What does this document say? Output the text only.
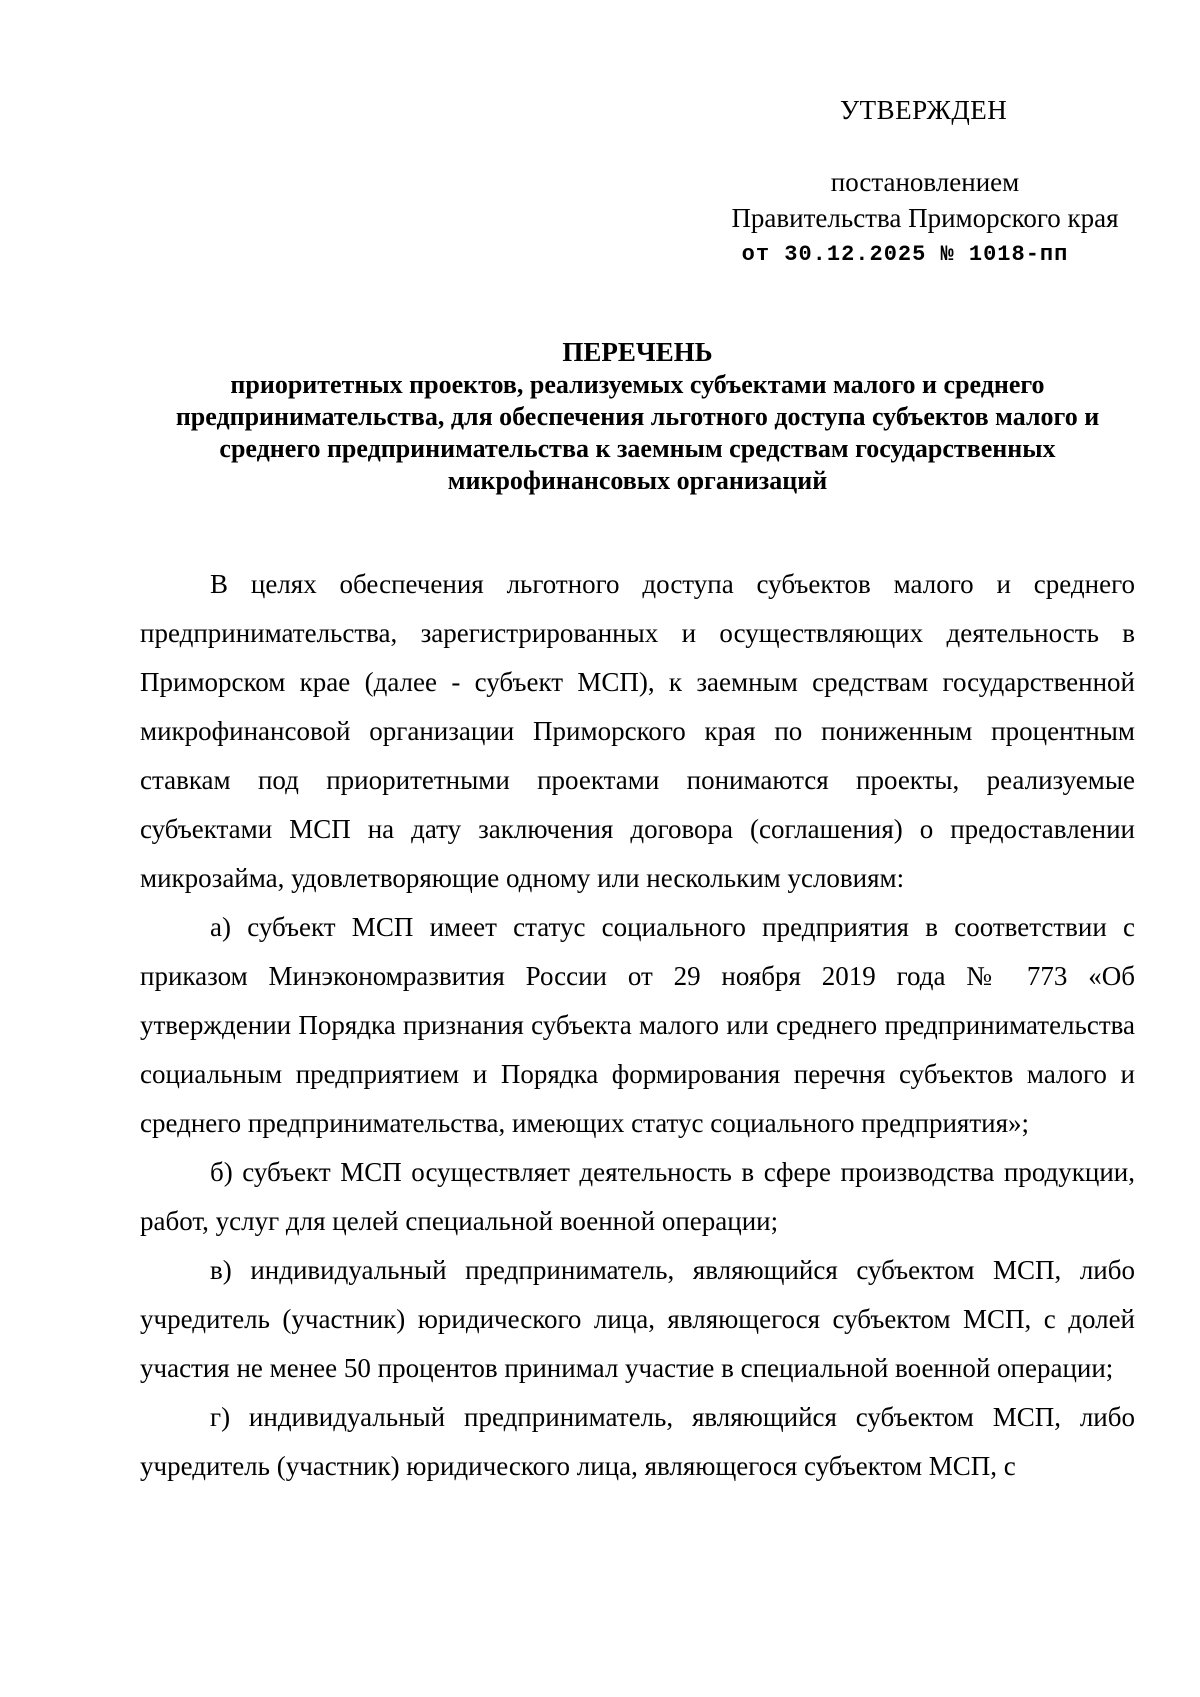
УТВЕРЖДЕН
постановлением
Правительства Приморского края
от 30.12.2025 № 1018-пп
ПЕРЕЧЕНЬ
приоритетных проектов, реализуемых субъектами малого и среднего предпринимательства, для обеспечения льготного доступа субъектов малого и среднего предпринимательства к заемным средствам государственных микрофинансовых организаций

В целях обеспечения льготного доступа субъектов малого и среднего предпринимательства, зарегистрированных и осуществляющих деятельность в Приморском крае (далее - субъект МСП), к заемным средствам государственной микрофинансовой организации Приморского края по пониженным процентным ставкам под приоритетными проектами понимаются проекты, реализуемые субъектами МСП на дату заключения договора (соглашения) о предоставлении микрозайма, удовлетворяющие одному или нескольким условиям:

а) субъект МСП имеет статус социального предприятия в соответствии с приказом Минэкономразвития России от 29 ноября 2019 года № 773 «Об утверждении Порядка признания субъекта малого или среднего предпринимательства социальным предприятием и Порядка формирования перечня субъектов малого и среднего предпринимательства, имеющих статус социального предприятия»;

б) субъект МСП осуществляет деятельность в сфере производства продукции, работ, услуг для целей специальной военной операции;

в) индивидуальный предприниматель, являющийся субъектом МСП, либо учредитель (участник) юридического лица, являющегося субъектом МСП, с долей участия не менее 50 процентов принимал участие в специальной военной операции;

г) индивидуальный предприниматель, являющийся субъектом МСП, либо учредитель (участник) юридического лица, являющегося субъектом МСП, с
